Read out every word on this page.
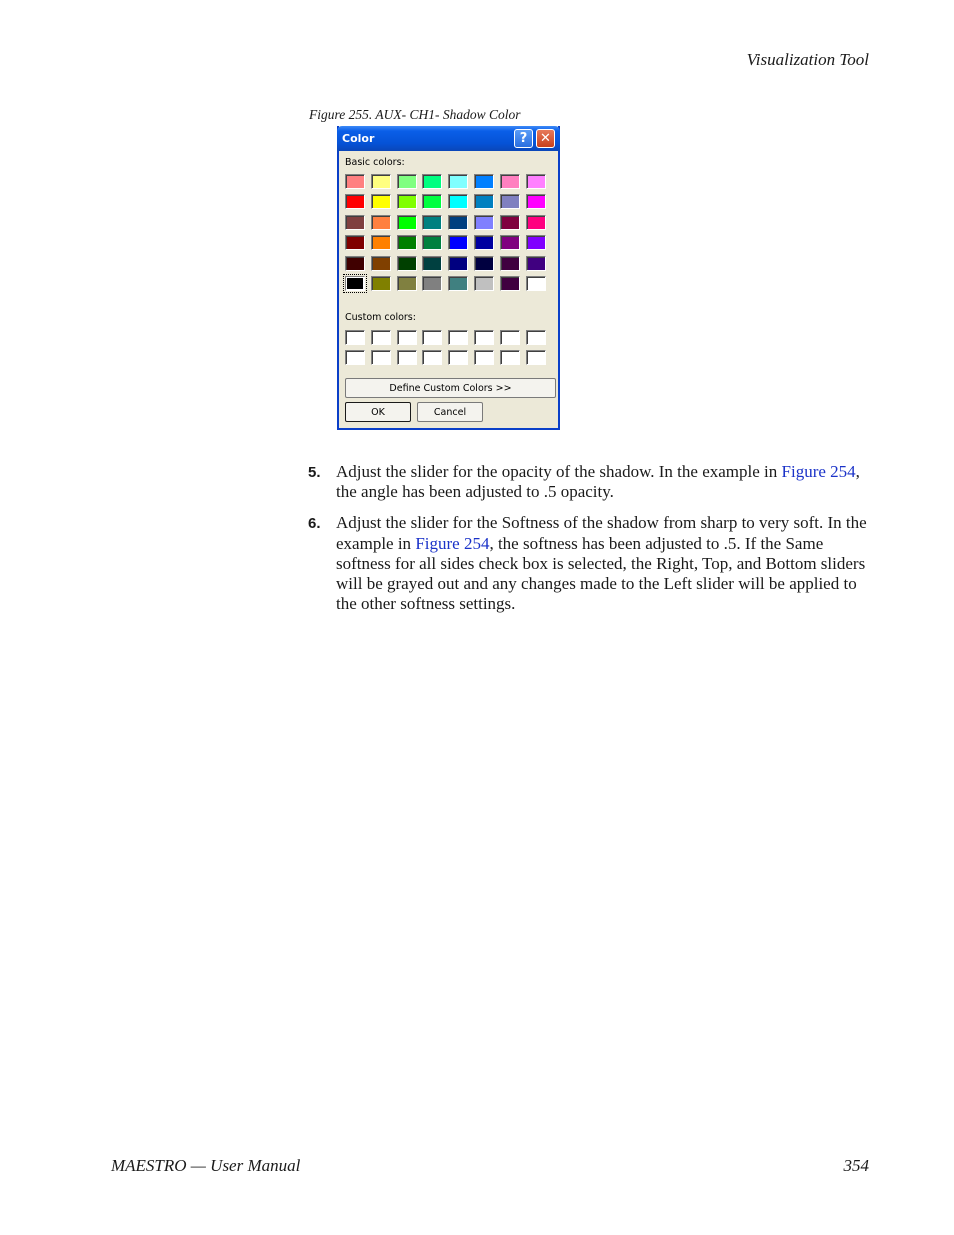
Visualization Tool
Figure 255. AUX- CH1- Shadow Color
Color	? ✕
Basic colors:
Custom colors:
Define Custom Colors >>
OK	Cancel
5. Adjust the slider for the opacity of the shadow. In the example in Figure 254, the angle has been adjusted to .5 opacity.
6. Adjust the slider for the Softness of the shadow from sharp to very soft. In the example in Figure 254, the softness has been adjusted to .5. If the Same softness for all sides check box is selected, the Right, Top, and Bottom sliders will be grayed out and any changes made to the Left slider will be applied to the other softness settings.
MAESTRO — User Manual	354
